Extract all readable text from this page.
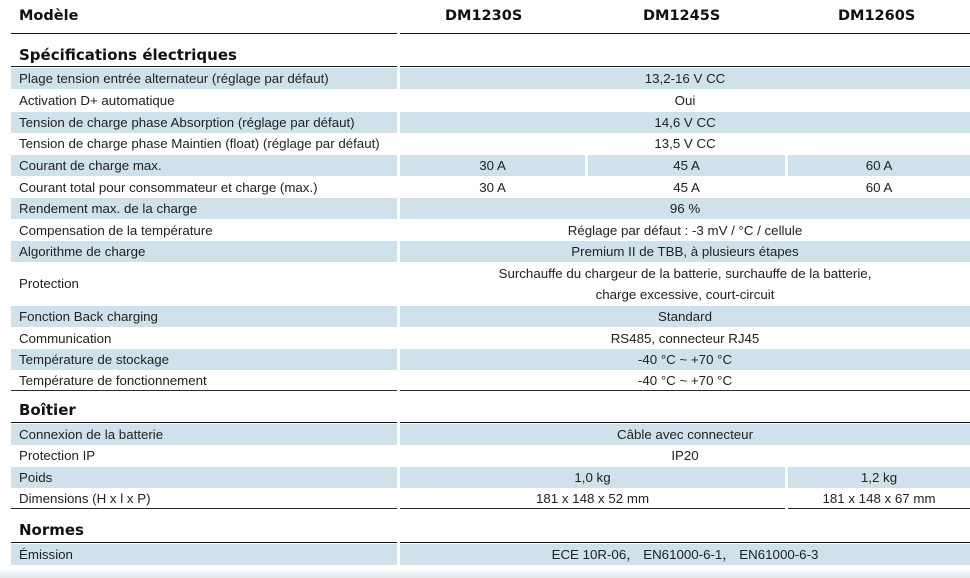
Modèle	DM1230S	DM1245S	DM1260S
Spécifications électriques
Plage tension entrée alternateur (réglage par défaut)	13,2-16 V CC
Activation D+ automatique	Oui
Tension de charge phase Absorption (réglage par défaut)	14,6 V CC
Tension de charge phase Maintien (float) (réglage par défaut)	13,5 V CC
Courant de charge max.	30 A	45 A	60 A
Courant total pour consommateur et charge (max.)	30 A	45 A	60 A
Rendement max. de la charge	96 %
Compensation de la température	Réglage par défaut : -3 mV / °C / cellule
Algorithme de charge	Premium II de TBB, à plusieurs étapes
Protection
Surchauffe du chargeur de la batterie, surchauffe de la batterie,
charge excessive, court-circuit
Fonction Back charging	Standard
Communication	RS485, connecteur RJ45
Température de stockage	-40 °C ~ +70 °C
Température de fonctionnement	-40 °C ~ +70 °C
Boîtier
Connexion de la batterie	Câble avec connecteur
Protection IP	IP20
Poids	1,0 kg	1,2 kg
Dimensions (H x l x P)	181 x 148 x 52 mm	181 x 148 x 67 mm
Normes
Émission	ECE 10R-06， EN61000-6-1， EN61000-6-3
